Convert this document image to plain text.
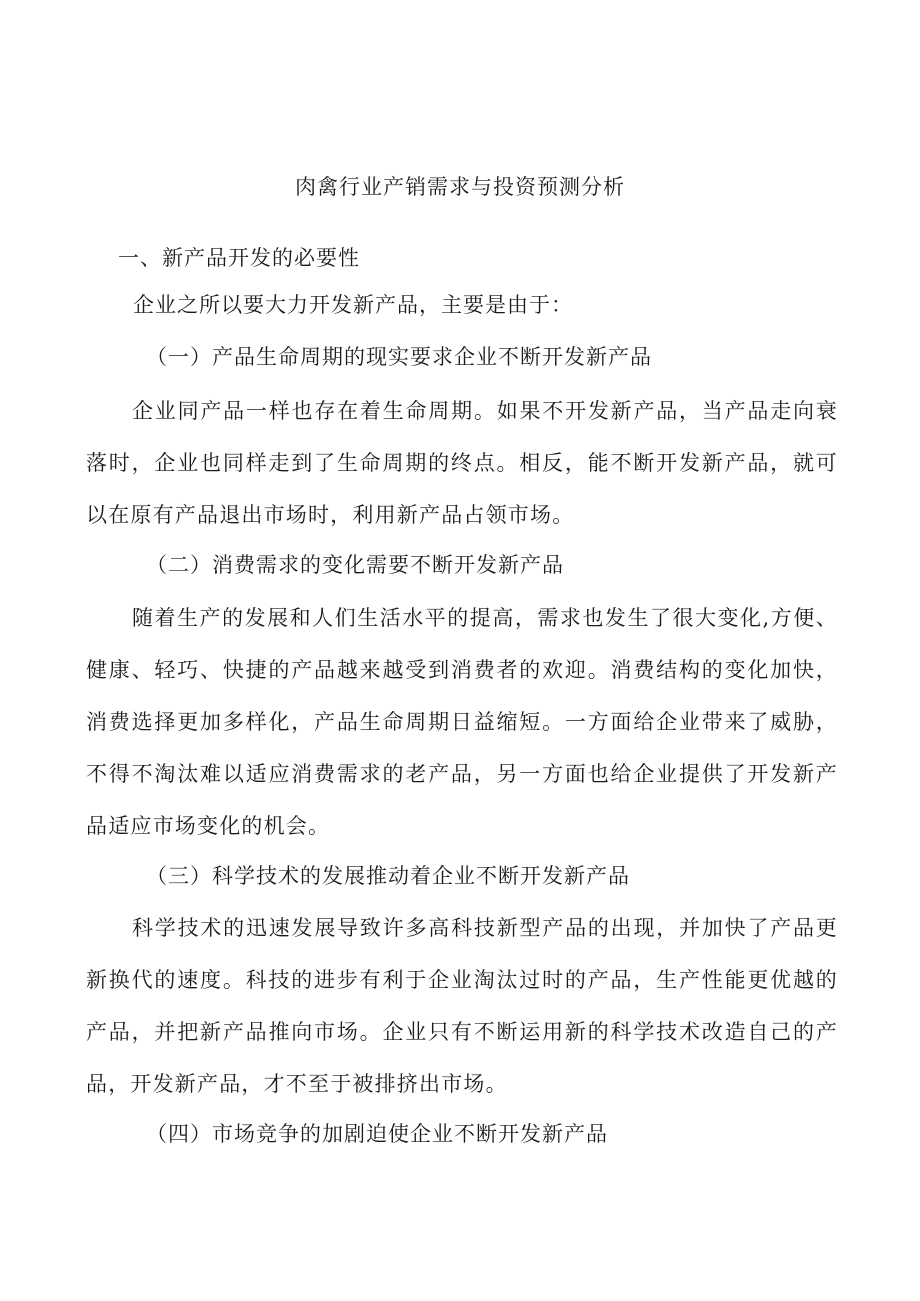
肉禽行业产销需求与投资预测分析
一、新产品开发的必要性
企业之所以要大力开发新产品，主要是由于：
（一）产品生命周期的现实要求企业不断开发新产品

企业同产品一样也存在着生命周期。如果不开发新产品，当产品走向衰落时，企业也同样走到了生命周期的终点。相反，能不断开发新产品，就可以在原有产品退出市场时，利用新产品占领市场。

（二）消费需求的变化需要不断开发新产品

随着生产的发展和人们生活水平的提高，需求也发生了很大变化,方便、健康、轻巧、快捷的产品越来越受到消费者的欢迎。消费结构的变化加快，消费选择更加多样化，产品生命周期日益缩短。一方面给企业带来了威胁，不得不淘汰难以适应消费需求的老产品，另一方面也给企业提供了开发新产品适应市场变化的机会。

（三）科学技术的发展推动着企业不断开发新产品

科学技术的迅速发展导致许多高科技新型产品的出现，并加快了产品更新换代的速度。科技的进步有利于企业淘汰过时的产品，生产性能更优越的产品，并把新产品推向市场。企业只有不断运用新的科学技术改造自己的产品，开发新产品，才不至于被排挤出市场。

（四）市场竞争的加剧迫使企业不断开发新产品
